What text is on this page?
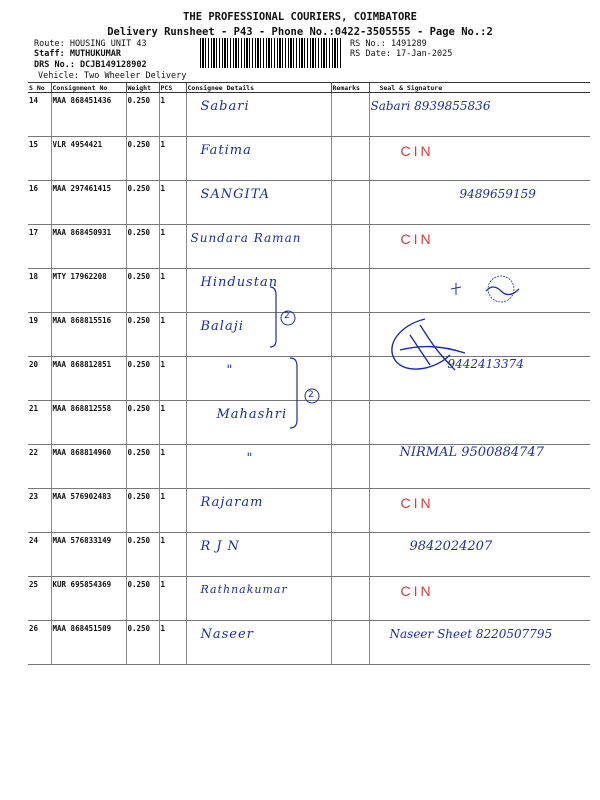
THE PROFESSIONAL COURIERS, COIMBATORE
Delivery Runsheet - P43 - Phone No.:0422-3505555 - Page No.:2
Route: HOUSING UNIT 43
Staff: MUTHUKUMAR
DRS No.: DCJB149128902
Vehicle: Two Wheeler Delivery
RS No.: 1491289
RS Date: 17-Jan-2025
S No	Consignment No	Weight	PCS	Consignee Details	Remarks	Seal & Signature
14	MAA 868451436	0.250	1	Sabari		Sabari 8939855836
15	VLR 4954421	0.250	1	Fatima		CIN
16	MAA 297461415	0.250	1	SANGITA		9489659159
17	MAA 868450931	0.250	1	Sundara Raman		CIN
18	MTY 17962208	0.250	1	Hindustan		
19	MAA 868815516	0.250	1	Balaji		

20	MAA 868812851	0.250	1	"		9442413374
21	MAA 868812558	0.250	1	Mahashri		
22	MAA 868814960	0.250	1	"		NIRMAL 9500884747
23	MAA 576902483	0.250	1	Rajaram		CIN
24	MAA 576833149	0.250	1	RJN		9842024207
25	KUR 695854369	0.250	1	Rathnakumar		CIN
26	MAA 868451509	0.250	1	Naseer		Naseer Sheet 8220507795
2
2
